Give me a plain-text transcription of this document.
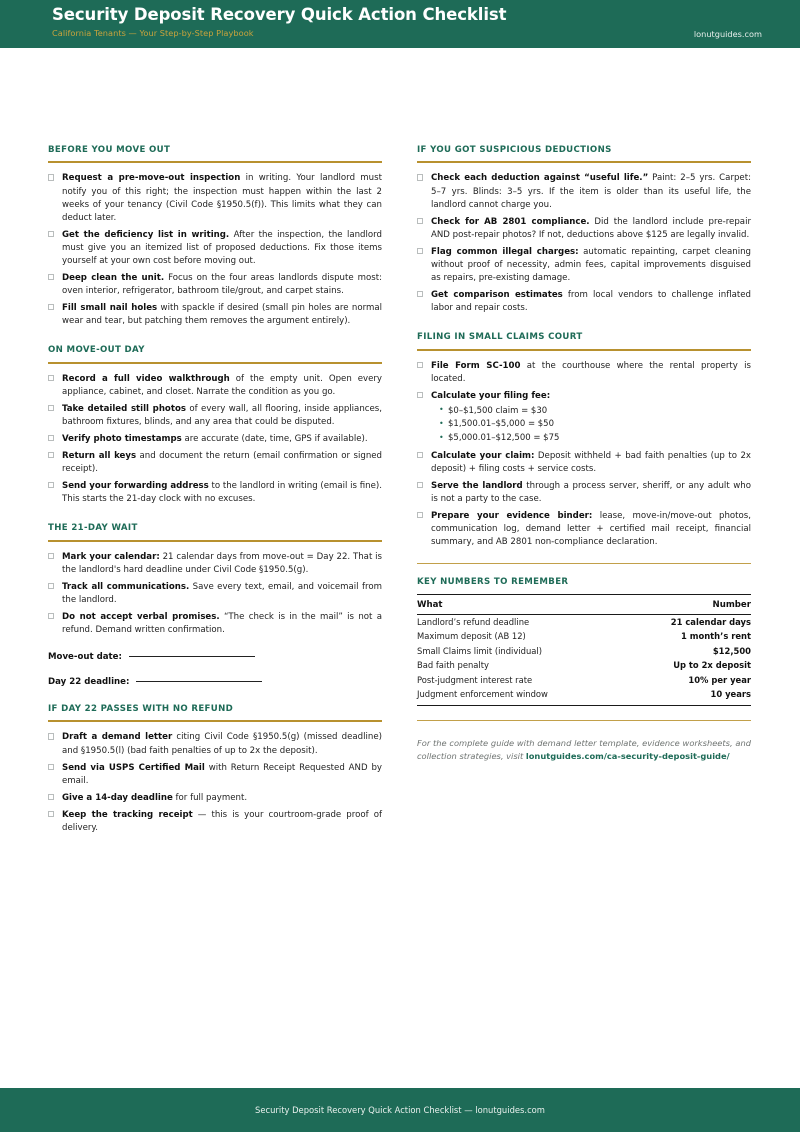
Security Deposit Recovery Quick Action Checklist
California Tenants — Your Step-by-Step Playbook	lonutguides.com
BEFORE YOU MOVE OUT
Request a pre-move-out inspection in writing. Your landlord must notify you of this right; the inspection must happen within the last 2 weeks of your tenancy (Civil Code §1950.5(f)). This limits what they can deduct later.
Get the deficiency list in writing. After the inspection, the landlord must give you an itemized list of proposed deductions. Fix those items yourself at your own cost before moving out.
Deep clean the unit. Focus on the four areas landlords dispute most: oven interior, refrigerator, bathroom tile/grout, and carpet stains.
Fill small nail holes with spackle if desired (small pin holes are normal wear and tear, but patching them removes the argument entirely).
ON MOVE-OUT DAY
Record a full video walkthrough of the empty unit. Open every appliance, cabinet, and closet. Narrate the condition as you go.
Take detailed still photos of every wall, all flooring, inside appliances, bathroom fixtures, blinds, and any area that could be disputed.
Verify photo timestamps are accurate (date, time, GPS if available).
Return all keys and document the return (email confirmation or signed receipt).
Send your forwarding address to the landlord in writing (email is fine). This starts the 21-day clock with no excuses.
THE 21-DAY WAIT
Mark your calendar: 21 calendar days from move-out = Day 22. That is the landlord's hard deadline under Civil Code §1950.5(g).
Track all communications. Save every text, email, and voicemail from the landlord.
Do not accept verbal promises. “The check is in the mail” is not a refund. Demand written confirmation.
Move-out date:
Day 22 deadline:
IF DAY 22 PASSES WITH NO REFUND
Draft a demand letter citing Civil Code §1950.5(g) (missed deadline) and §1950.5(l) (bad faith penalties of up to 2x the deposit).
Send via USPS Certified Mail with Return Receipt Requested AND by email.
Give a 14-day deadline for full payment.
Keep the tracking receipt — this is your courtroom-grade proof of delivery.
IF YOU GOT SUSPICIOUS DEDUCTIONS
Check each deduction against “useful life.” Paint: 2–5 yrs. Carpet: 5–7 yrs. Blinds: 3–5 yrs. If the item is older than its useful life, the landlord cannot charge you.
Check for AB 2801 compliance. Did the landlord include pre-repair AND post-repair photos? If not, deductions above $125 are legally invalid.
Flag common illegal charges: automatic repainting, carpet cleaning without proof of necessity, admin fees, capital improvements disguised as repairs, pre-existing damage.
Get comparison estimates from local vendors to challenge inflated labor and repair costs.
FILING IN SMALL CLAIMS COURT
File Form SC-100 at the courthouse where the rental property is located.
Calculate your filing fee:
• $0–$1,500 claim = $30
• $1,500.01–$5,000 = $50
• $5,000.01–$12,500 = $75
Calculate your claim: Deposit withheld + bad faith penalties (up to 2x deposit) + filing costs + service costs.
Serve the landlord through a process server, sheriff, or any adult who is not a party to the case.
Prepare your evidence binder: lease, move-in/move-out photos, communication log, demand letter + certified mail receipt, financial summary, and AB 2801 non-compliance declaration.
KEY NUMBERS TO REMEMBER
What	Number
Landlord’s refund deadline	21 calendar days
Maximum deposit (AB 12)	1 month’s rent
Small Claims limit (individual)	$12,500
Bad faith penalty	Up to 2x deposit
Post-judgment interest rate	10% per year
Judgment enforcement window	10 years
For the complete guide with demand letter template, evidence worksheets, and collection strategies, visit lonutguides.com/ca-security-deposit-guide/
Security Deposit Recovery Quick Action Checklist — lonutguides.com
